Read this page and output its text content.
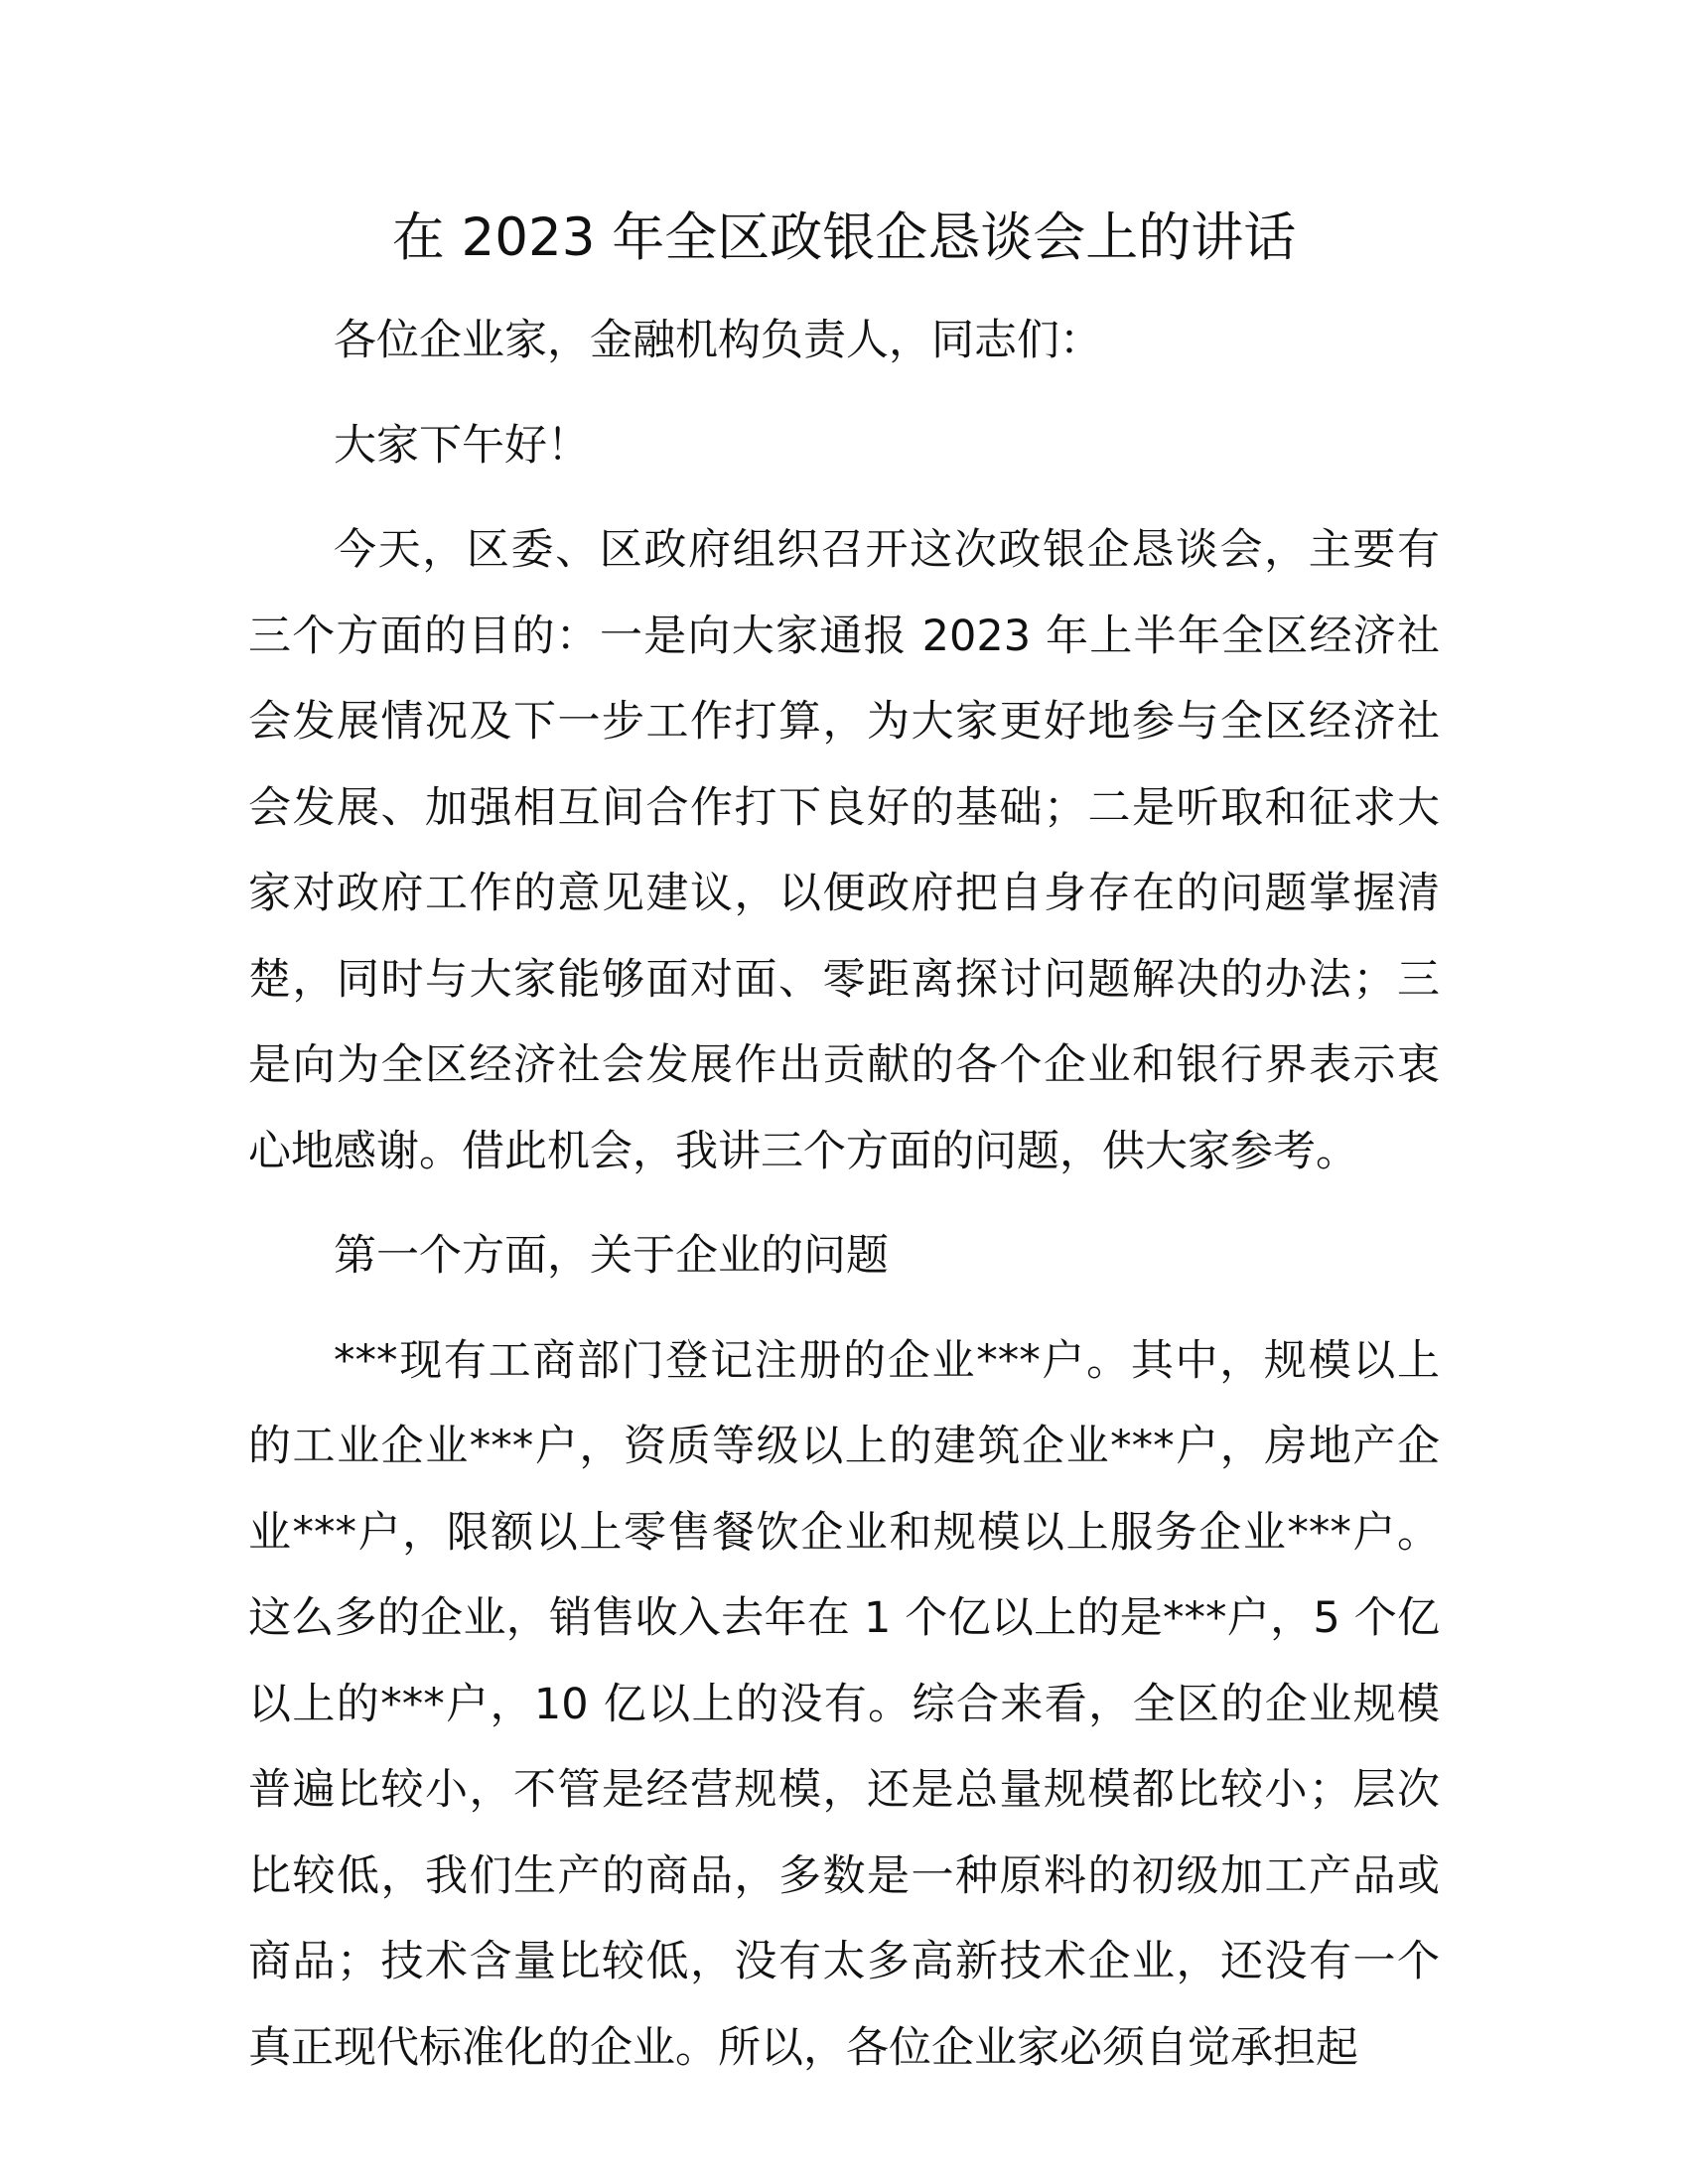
在 2023 年全区政银企恳谈会上的讲话

各位企业家，金融机构负责人，同志们：

大家下午好！

今天，区委、区政府组织召开这次政银企恳谈会，主要有三个方面的目的：一是向大家通报 2023 年上半年全区经济社会发展情况及下一步工作打算，为大家更好地参与全区经济社会发展、加强相互间合作打下良好的基础；二是听取和征求大家对政府工作的意见建议，以便政府把自身存在的问题掌握清楚，同时与大家能够面对面、零距离探讨问题解决的办法；三是向为全区经济社会发展作出贡献的各个企业和银行界表示衷心地感谢。借此机会，我讲三个方面的问题，供大家参考。

第一个方面，关于企业的问题

***现有工商部门登记注册的企业***户。其中，规模以上的工业企业***户，资质等级以上的建筑企业***户，房地产企业***户，限额以上零售餐饮企业和规模以上服务企业***户。这么多的企业，销售收入去年在 1 个亿以上的是***户，5 个亿以上的***户，10 亿以上的没有。综合来看，全区的企业规模普遍比较小，不管是经营规模，还是总量规模都比较小；层次比较低，我们生产的商品，多数是一种原料的初级加工产品或商品；技术含量比较低，没有太多高新技术企业，还没有一个真正现代标准化的企业。所以，各位企业家必须自觉承担起
